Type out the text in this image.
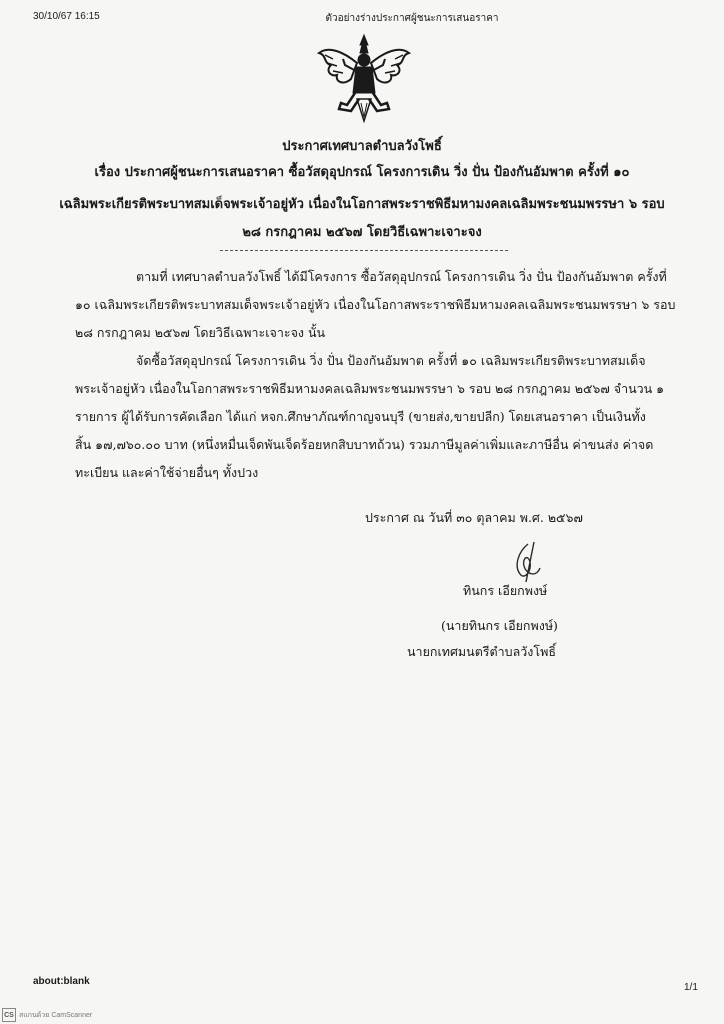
30/10/67 16:15	ตัวอย่างร่างประกาศผู้ชนะการเสนอราคา
ประกาศเทศบาลตำบลวังโพธิ์
เรื่อง ประกาศผู้ชนะการเสนอราคา ซื้อวัสดุอุปกรณ์ โครงการเดิน วิ่ง ปั่น ป้องกันอัมพาต ครั้งที่ ๑๐
เฉลิมพระเกียรติพระบาทสมเด็จพระเจ้าอยู่หัว เนื่องในโอกาสพระราชพิธีมหามงคลเฉลิมพระชนมพรรษา ๖ รอบ
๒๘ กรกฎาคม ๒๕๖๗ โดยวิธีเฉพาะเจาะจง
ตามที่ เทศบาลตำบลวังโพธิ์ ได้มีโครงการ ซื้อวัสดุอุปกรณ์ โครงการเดิน วิ่ง ปั่น ป้องกันอัมพาต ครั้งที่
๑๐ เฉลิมพระเกียรติพระบาทสมเด็จพระเจ้าอยู่หัว เนื่องในโอกาสพระราชพิธีมหามงคลเฉลิมพระชนมพรรษา ๖ รอบ
๒๘ กรกฎาคม ๒๕๖๗ โดยวิธีเฉพาะเจาะจง นั้น
จัดซื้อวัสดุอุปกรณ์ โครงการเดิน วิ่ง ปั่น ป้องกันอัมพาต ครั้งที่ ๑๐ เฉลิมพระเกียรติพระบาทสมเด็จ
พระเจ้าอยู่หัว เนื่องในโอกาสพระราชพิธีมหามงคลเฉลิมพระชนมพรรษา ๖ รอบ ๒๘ กรกฎาคม ๒๕๖๗ จำนวน ๑
รายการ ผู้ได้รับการคัดเลือก ได้แก่ หจก.ศึกษาภัณฑ์กาญจนบุรี (ขายส่ง,ขายปลีก) โดยเสนอราคา เป็นเงินทั้ง
สิ้น ๑๗,๗๖๐.๐๐ บาท (หนึ่งหมื่นเจ็ดพันเจ็ดร้อยหกสิบบาทถ้วน) รวมภาษีมูลค่าเพิ่มและภาษีอื่น ค่าขนส่ง ค่าจด
ทะเบียน และค่าใช้จ่ายอื่นๆ ทั้งปวง
ประกาศ ณ วันที่ ๓๐ ตุลาคม พ.ศ. ๒๕๖๗
ทินกร เอียกพงษ์
(นายทินกร เอียกพงษ์)
นายกเทศมนตรีตำบลวังโพธิ์
about:blank
1/1
CS สแกนด้วย CamScanner
